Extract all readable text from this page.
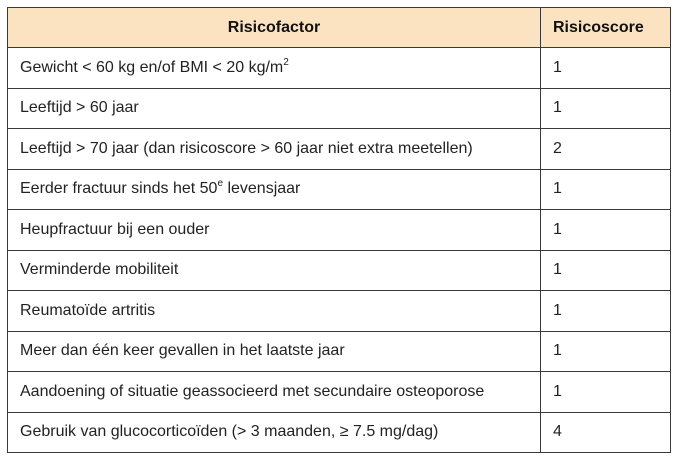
Risicofactor	Risicoscore
Gewicht < 60 kg en/of BMI < 20 $kg/m^2$	1
Leeftijd > 60 jaar	1
Leeftijd > 70 jaar (dan risicoscore > 60 jaar niet extra meetellen)	2
Eerder fractuur sinds het 50e levensjaar	1
Heupfractuur bij een ouder	1
Verminderde mobiliteit	1
Reumatoïde artritis	1
Meer dan één keer gevallen in het laatste jaar	1
Aandoening of situatie geassocieerd met secundaire osteoporose	1
Gebruik van glucocorticoïden (> 3 maanden, ≥ 7.5 mg/dag)	4
